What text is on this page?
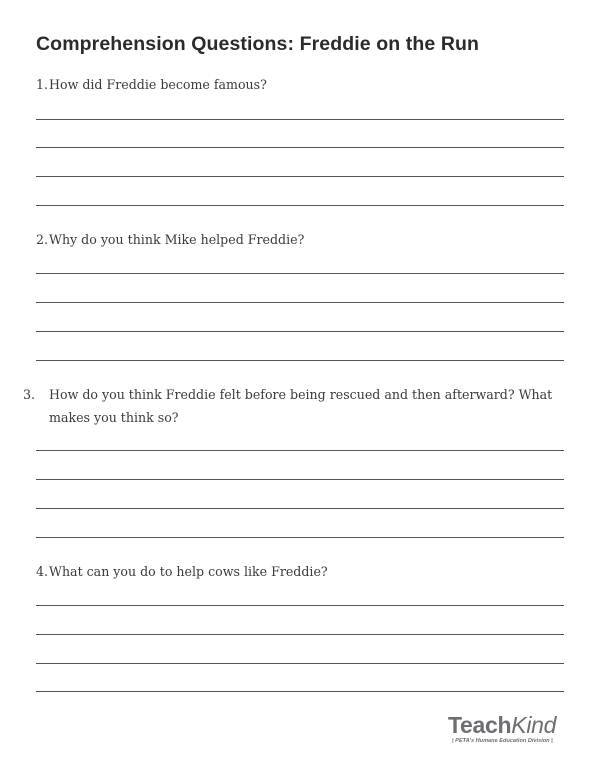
Comprehension Questions: Freddie on the Run
1.How did Freddie become famous?
2.Why do you think Mike helped Freddie?
3. How do you think Freddie felt before being rescued and then afterward? What makes you think so?
4.What can you do to help cows like Freddie?
TeachKind
| PETA's Humane Education Division |
